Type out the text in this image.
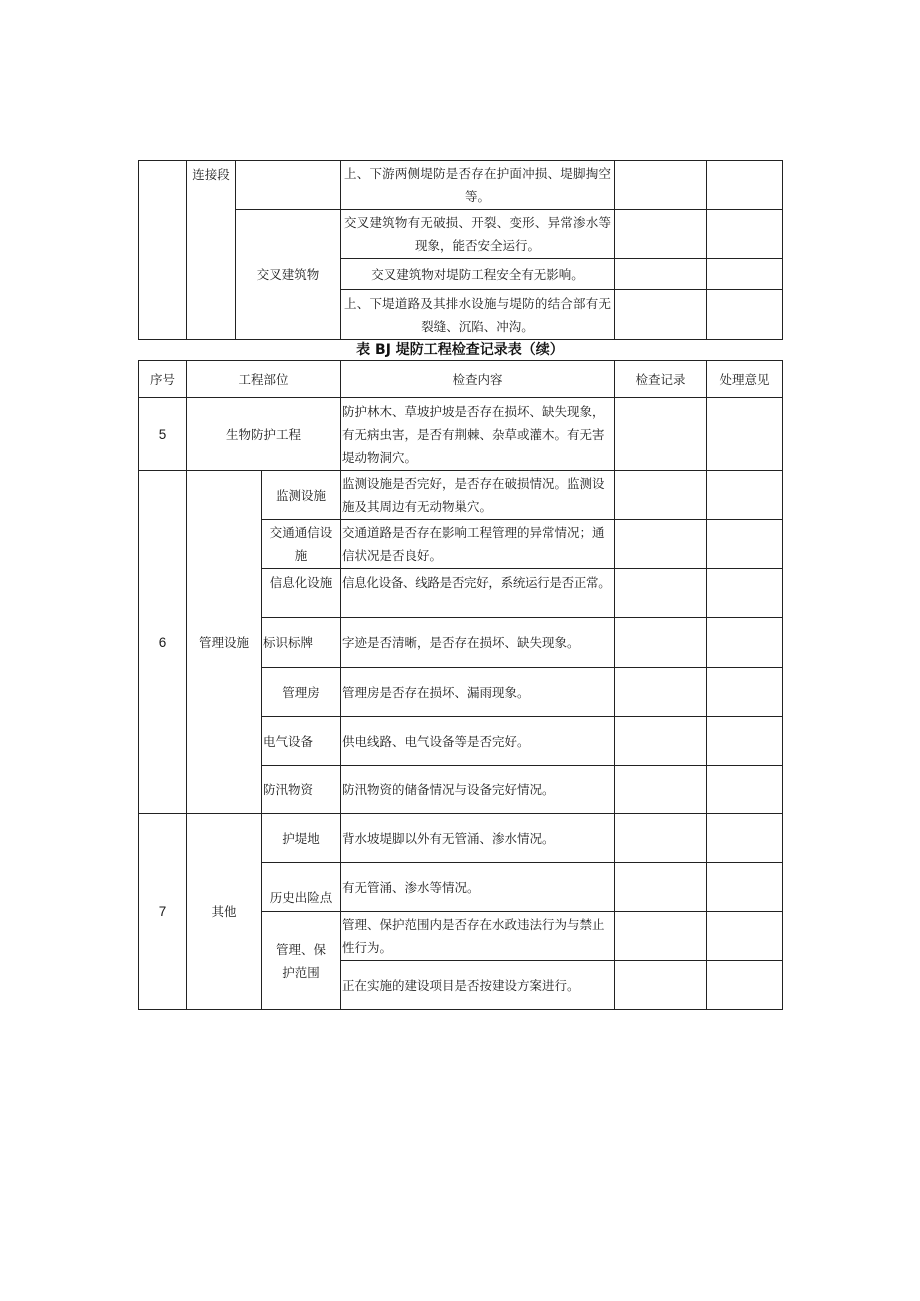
	连接段		上、下游两侧堤防是否存在护面冲损、堤脚掏空等。		
		交叉建筑物	交叉建筑物有无破损、开裂、变形、异常渗水等现象，能否安全运行。		
			交叉建筑物对堤防工程安全有无影响。		
			上、下堤道路及其排水设施与堤防的结合部有无裂缝、沉陷、冲沟。		
表 BJ 堤防工程检查记录表（续）
序号	工程部位		检查内容	检查记录	处理意见
5	生物防护工程		防护林木、草坡护坡是否存在损坏、缺失现象，有无病虫害，是否有荆棘、杂草或灌木。有无害堤动物洞穴。		
6	管理设施	监测设施	监测设施是否完好，是否存在破损情况。监测设施及其周边有无动物巢穴。		
		交通通信设施	交通道路是否存在影响工程管理的异常情况；通信状况是否良好。		
		信息化设施	信息化设备、线路是否完好，系统运行是否正常。		
		标识标牌	字迹是否清晰，是否存在损坏、缺失现象。		
		管理房	管理房是否存在损坏、漏雨现象。		
		电气设备	供电线路、电气设备等是否完好。		
		防汛物资	防汛物资的储备情况与设备完好情况。		
7	其他	护堤地	背水坡堤脚以外有无管涌、渗水情况。		
		历史出险点	有无管涌、渗水等情况。		
		管理、保护范围	管理、保护范围内是否存在水政违法行为与禁止性行为。		
			正在实施的建设项目是否按建设方案进行。		
